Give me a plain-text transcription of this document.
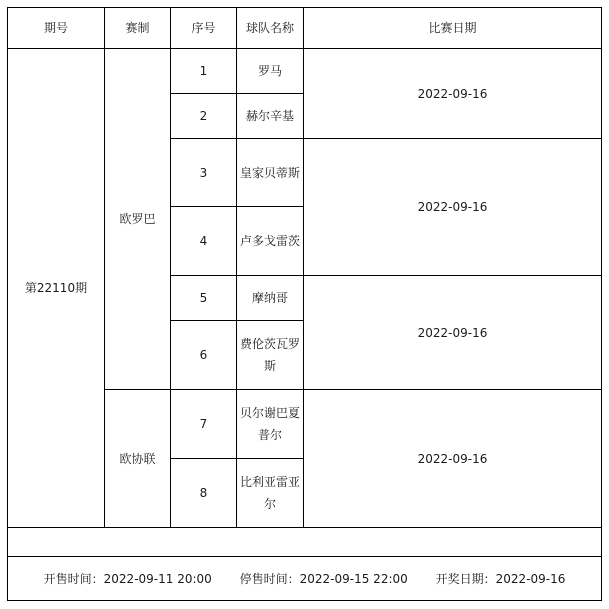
期号	赛制	序号	球队名称	比赛日期
第22110期	欧罗巴	1	罗马	2022-09-16
		2	赫尔辛基	
		3	皇家贝蒂斯	2022-09-16
		4	卢多戈雷茨	
		5	摩纳哥	2022-09-16
		6	费伦茨瓦罗斯	
	欧协联	7	贝尔谢巴夏普尔	2022-09-16
		8	比利亚雷亚尔	

开售时间：2022-09-11 20:00 停售时间：2022-09-15 22:00 开奖日期：2022-09-16				
